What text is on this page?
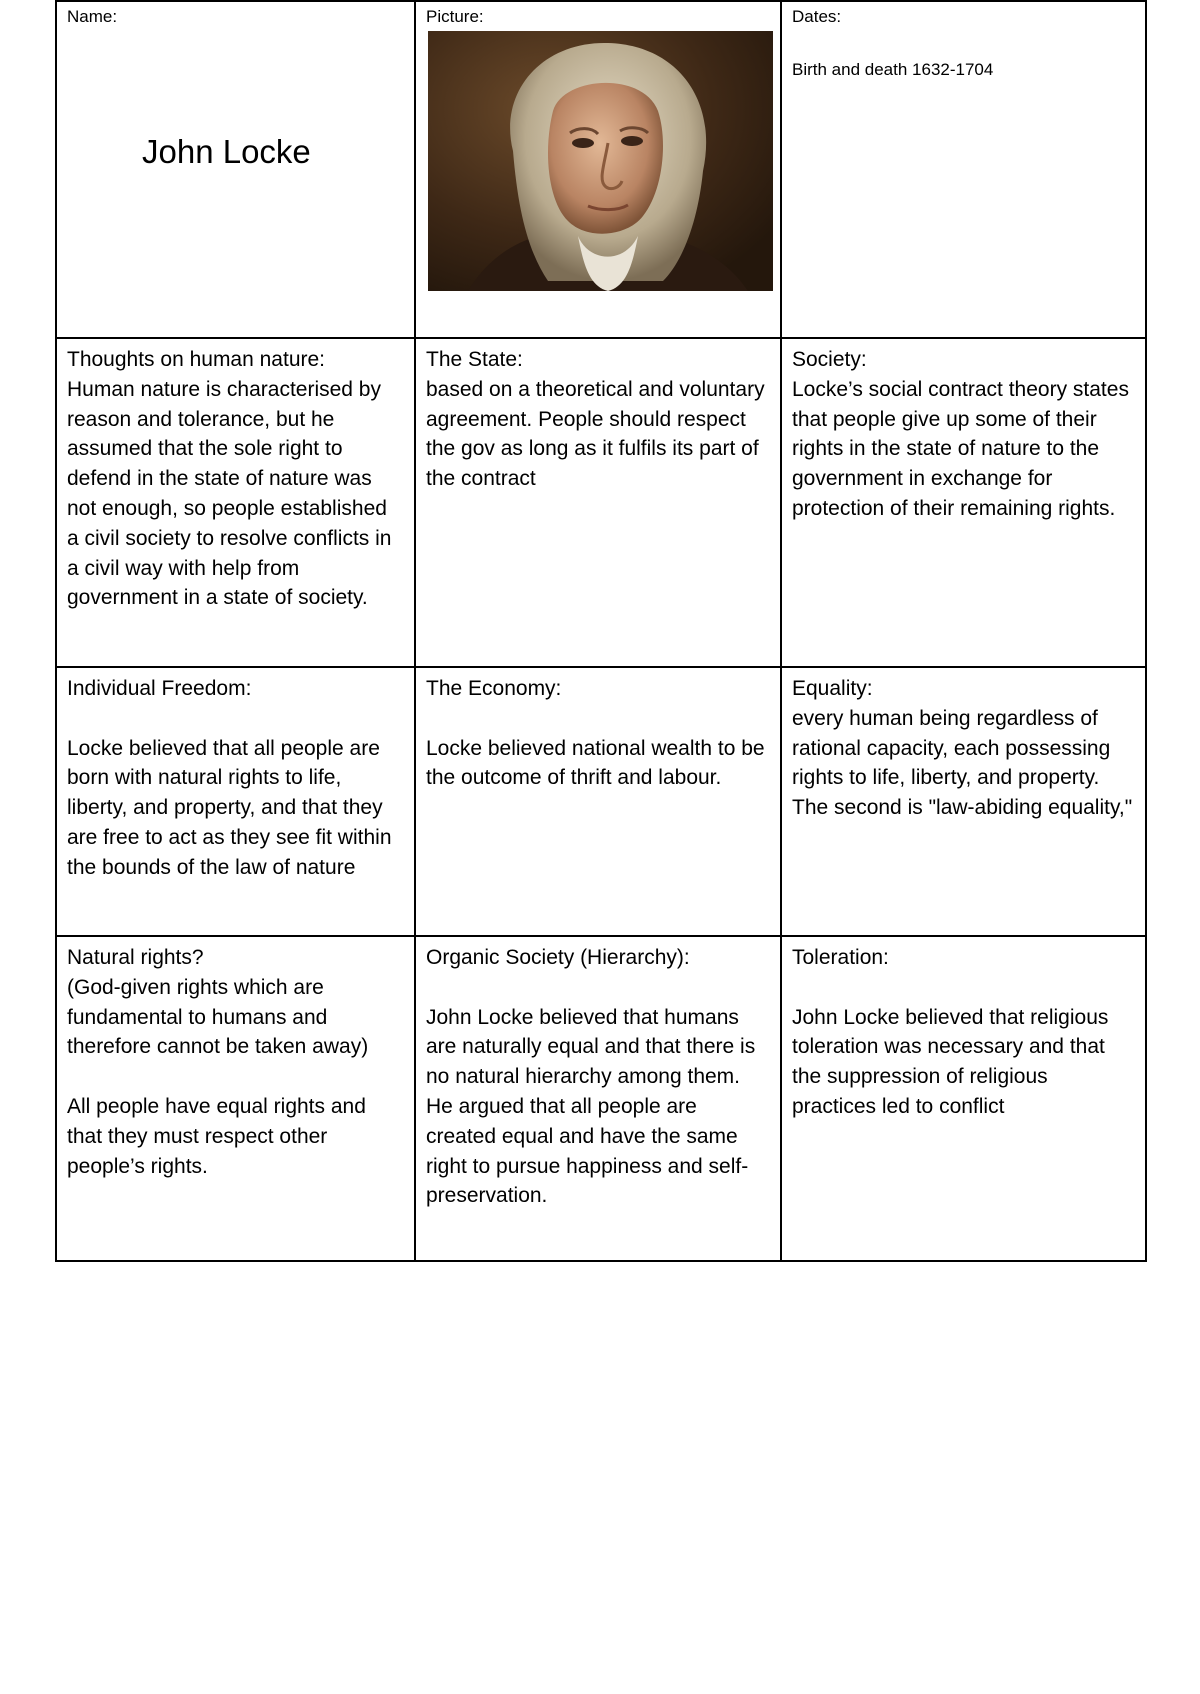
Name:
John Locke
Picture:	Dates:
Birth and death 1632-1704

Thoughts on human nature:

Human nature is characterised by reason and tolerance, but he assumed that the sole right to defend in the state of nature was not enough, so people established a civil society to resolve conflicts in a civil way with help from government in a state of society.

The State:

based on a theoretical and voluntary agreement. People should respect the gov as long as it fulfils its part of the contract

Society:

Locke’s social contract theory states that people give up some of their rights in the state of nature to the government in exchange for protection of their remaining rights.

Individual Freedom:

Locke believed that all people are born with natural rights to life, liberty, and property, and that they are free to act as they see fit within the bounds of the law of nature

The Economy:

Locke believed national wealth to be the outcome of thrift and labour.

Equality:

every human being regardless of rational capacity, each possessing rights to life, liberty, and property. The second is "law-abiding equality,"

Natural rights?

(God-given rights which are fundamental to humans and therefore cannot be taken away)

All people have equal rights and that they must respect other people’s rights.

Organic Society (Hierarchy):

John Locke believed that humans are naturally equal and that there is no natural hierarchy among them.

He argued that all people are created equal and have the same right to pursue happiness and self-preservation.

Toleration:

John Locke believed that religious toleration was necessary and that the suppression of religious practices led to conflict
